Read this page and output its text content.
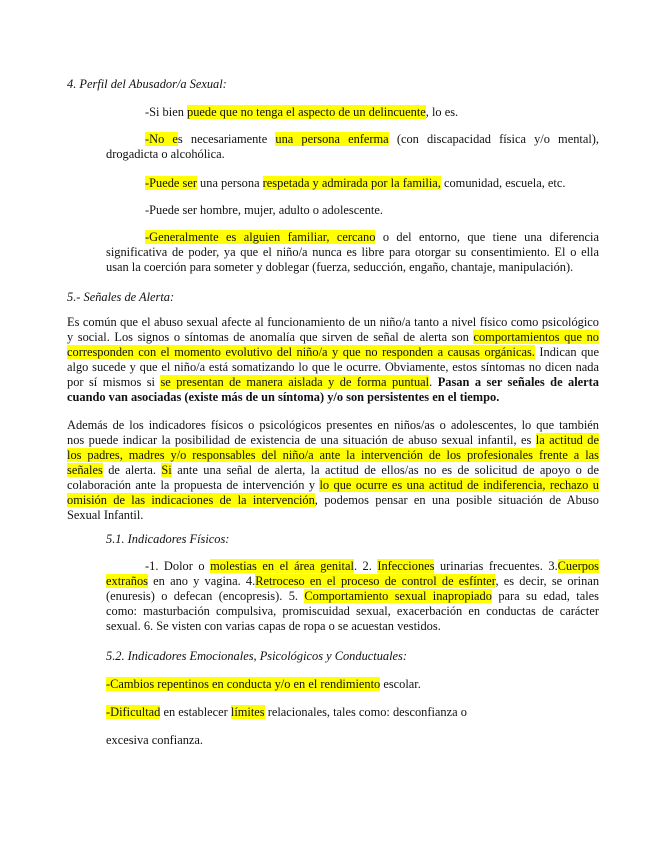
4. Perfil del Abusador/a Sexual:

-Si bien puede que no tenga el aspecto de un delincuente, lo es.

-No es necesariamente una persona enferma (con discapacidad física y/o mental),
drogadicta o alcohólica.

-Puede ser una persona respetada y admirada por la familia, comunidad, escuela, etc.

-Puede ser hombre, mujer, adulto o adolescente.

-Generalmente es alguien familiar, cercano o del entorno, que tiene una diferencia
significativa de poder, ya que el niño/a nunca es libre para otorgar su consentimiento. El o ella
usan la coerción para someter y doblegar (fuerza, seducción, engaño, chantaje, manipulación).

5.- Señales de Alerta:

Es común que el abuso sexual afecte al funcionamiento de un niño/a tanto a nivel físico como psicológico
y social. Los signos o síntomas de anomalía que sirven de señal de alerta son comportamientos que no
corresponden con el momento evolutivo del niño/a y que no responden a causas orgánicas. Indican que
algo sucede y que el niño/a está somatizando lo que le ocurre. Obviamente, estos síntomas no dicen nada
por sí mismos si se presentan de manera aislada y de forma puntual. Pasan a ser señales de alerta
cuando van asociadas (existe más de un síntoma) y/o son persistentes en el tiempo.
Además de los indicadores físicos o psicológicos presentes en niños/as o adolescentes, lo que también
nos puede indicar la posibilidad de existencia de una situación de abuso sexual infantil, es la actitud de
los padres, madres y/o responsables del niño/a ante la intervención de los profesionales frente a las
señales de alerta. Si ante una señal de alerta, la actitud de ellos/as no es de solicitud de apoyo o de
colaboración ante la propuesta de intervención y lo que ocurre es una actitud de indiferencia, rechazo u
omisión de las indicaciones de la intervención, podemos pensar en una posible situación de Abuso
Sexual Infantil.

5.1. Indicadores Físicos:

-1. Dolor o molestias en el área genital. 2. Infecciones urinarias frecuentes. 3.Cuerpos
extraños en ano y vagina. 4.Retroceso en el proceso de control de esfínter, es decir, se orinan
(enuresis) o defecan (encopresis). 5. Comportamiento sexual inapropiado para su edad, tales
como: masturbación compulsiva, promiscuidad sexual, exacerbación en conductas de carácter
sexual. 6. Se visten con varias capas de ropa o se acuestan vestidos.

5.2. Indicadores Emocionales, Psicológicos y Conductuales:

-Cambios repentinos en conducta y/o en el rendimiento escolar.

-Dificultad en establecer límites relacionales, tales como: desconfianza o

excesiva confianza.
